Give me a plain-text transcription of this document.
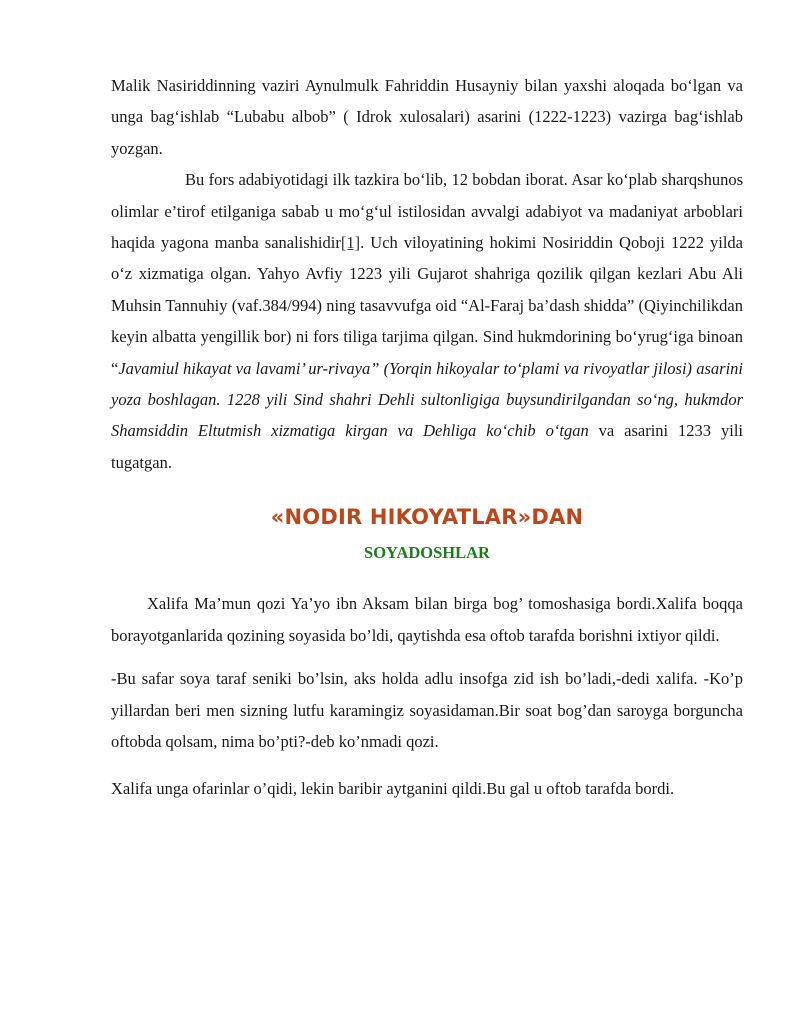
Malik Nasiriddinning vaziri Aynulmulk Fahriddin Husayniy bilan yaxshi aloqada bo‘lgan va unga bag‘ishlab “Lubabu albob” ( Idrok xulosalari) asarini (1222-1223) vazirga bag‘ishlab yozgan.

Bu fors adabiyotidagi ilk tazkira bo‘lib, 12 bobdan iborat. Asar ko‘plab sharqshunos olimlar e’tirof etilganiga sabab u mo‘g‘ul istilosidan avvalgi adabiyot va madaniyat arboblari haqida yagona manba sanalishidir[1]. Uch viloyatining hokimi Nosiriddin Qoboji 1222 yilda o‘z xizmatiga olgan. Yahyo Avfiy 1223 yili Gujarot shahriga qozilik qilgan kezlari Abu Ali Muhsin Tannuhiy (vaf.384/994) ning tasavvufga oid “Al-Faraj ba’dash shidda” (Qiyinchilikdan keyin albatta yengillik bor) ni fors tiliga tarjima qilgan. Sind hukmdorining bo‘yrug‘iga binoan “Javamiul hikayat va lavami’ ur-rivaya” (Yorqin hikoyalar to‘plami va rivoyatlar jilosi) asarini yoza boshlagan. 1228 yili Sind shahri Dehli sultonligiga buysundirilgandan so‘ng, hukmdor Shamsiddin Eltutmish xizmatiga kirgan va Dehliga ko‘chib o‘tgan va asarini 1233 yili tugatgan.

«NODIR HIKOYATLAR»DAN
SOYADOSHLAR

Xalifa Ma’mun qozi Ya’yo ibn Aksam bilan birga bog’ tomoshasiga bordi.Xalifa boqqa borayotganlarida qozining soyasida bo’ldi, qaytishda esa oftob tarafda borishni ixtiyor qildi.

-Bu safar soya taraf seniki bo’lsin, aks holda adlu insofga zid ish bo’ladi,-dedi xalifa. -Ko’p yillardan beri men sizning lutfu karamingiz soyasidaman.Bir soat bog’dan saroyga borguncha oftobda qolsam, nima bo’pti?-deb ko’nmadi qozi.

Xalifa unga ofarinlar o’qidi, lekin baribir aytganini qildi.Bu gal u oftob tarafda bordi.
